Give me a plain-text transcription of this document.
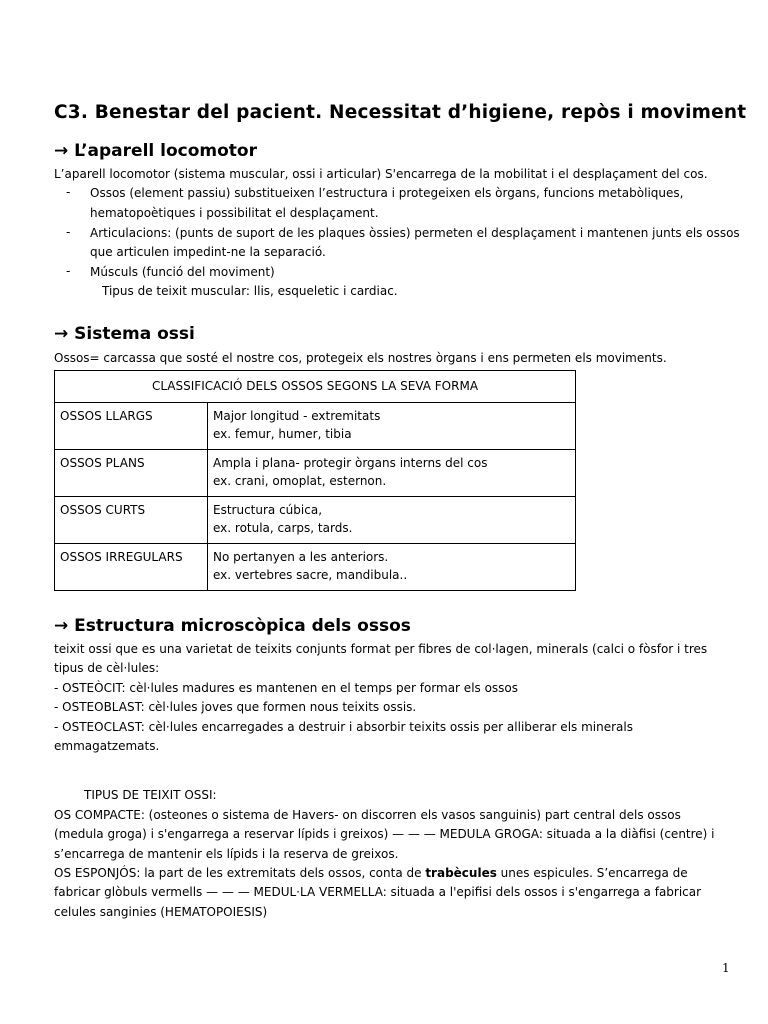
C3. Benestar del pacient. Necessitat d’higiene, repòs i moviment
→ L’aparell locomotor
L’aparell locomotor (sistema muscular, ossi i articular) S'encarrega de la mobilitat i el desplaçament del cos.
- Ossos (element passiu) substitueixen l’estructura i protegeixen els òrgans, funcions metabòliques,
hematopoètiques i possibilitat el desplaçament.
- Articulacions: (punts de suport de les plaques òssies) permeten el desplaçament i mantenen junts els ossos
que articulen impedint-ne la separació.
- Músculs (funció del moviment)
Tipus de teixit muscular: llis, esqueletic i cardiac.
→ Sistema ossi
Ossos= carcassa que sosté el nostre cos, protegeix els nostres òrgans i ens permeten els moviments.
CLASSIFICACIÓ DELS OSSOS SEGONS LA SEVA FORMA	
OSSOS LLARGS	Major longitud - extremitats
ex. femur, humer, tibia

OSSOS PLANS	Ampla i plana- protegir òrgans interns del cos
ex. crani, omoplat, esternon.

OSSOS CURTS	Estructura cúbica,
ex. rotula, carps, tards.

OSSOS IRREGULARS	No pertanyen a les anteriors.
ex. vertebres sacre, mandibula..
→ Estructura microscòpica dels ossos
teixit ossi que es una varietat de teixits conjunts format per fibres de col·lagen, minerals (calci o fòsfor i tres
tipus de cèl·lules:
- OSTEÒCIT: cèl·lules madures es mantenen en el temps per formar els ossos
- OSTEOBLAST: cèl·lules joves que formen nous teixits ossis.
- OSTEOCLAST: cèl·lules encarregades a destruir i absorbir teixits ossis per alliberar els minerals
emmagatzemats.
TIPUS DE TEIXIT OSSI:
OS COMPACTE: (osteones o sistema de Havers- on discorren els vasos sanguinis) part central dels ossos
(medula groga) i s'engarrega a reservar lípids i greixos) — — — MEDULA GROGA: situada a la diàfisi (centre) i
s’encarrega de mantenir els lípids i la reserva de greixos.
OS ESPONJÓS: la part de les extremitats dels ossos, conta de trabècules unes espicules. S’encarrega de
fabricar glòbuls vermells — — — MEDUL·LA VERMELLA: situada a l'epifisi dels ossos i s'engarrega a fabricar
celules sanginies (HEMATOPOIESIS)
1
